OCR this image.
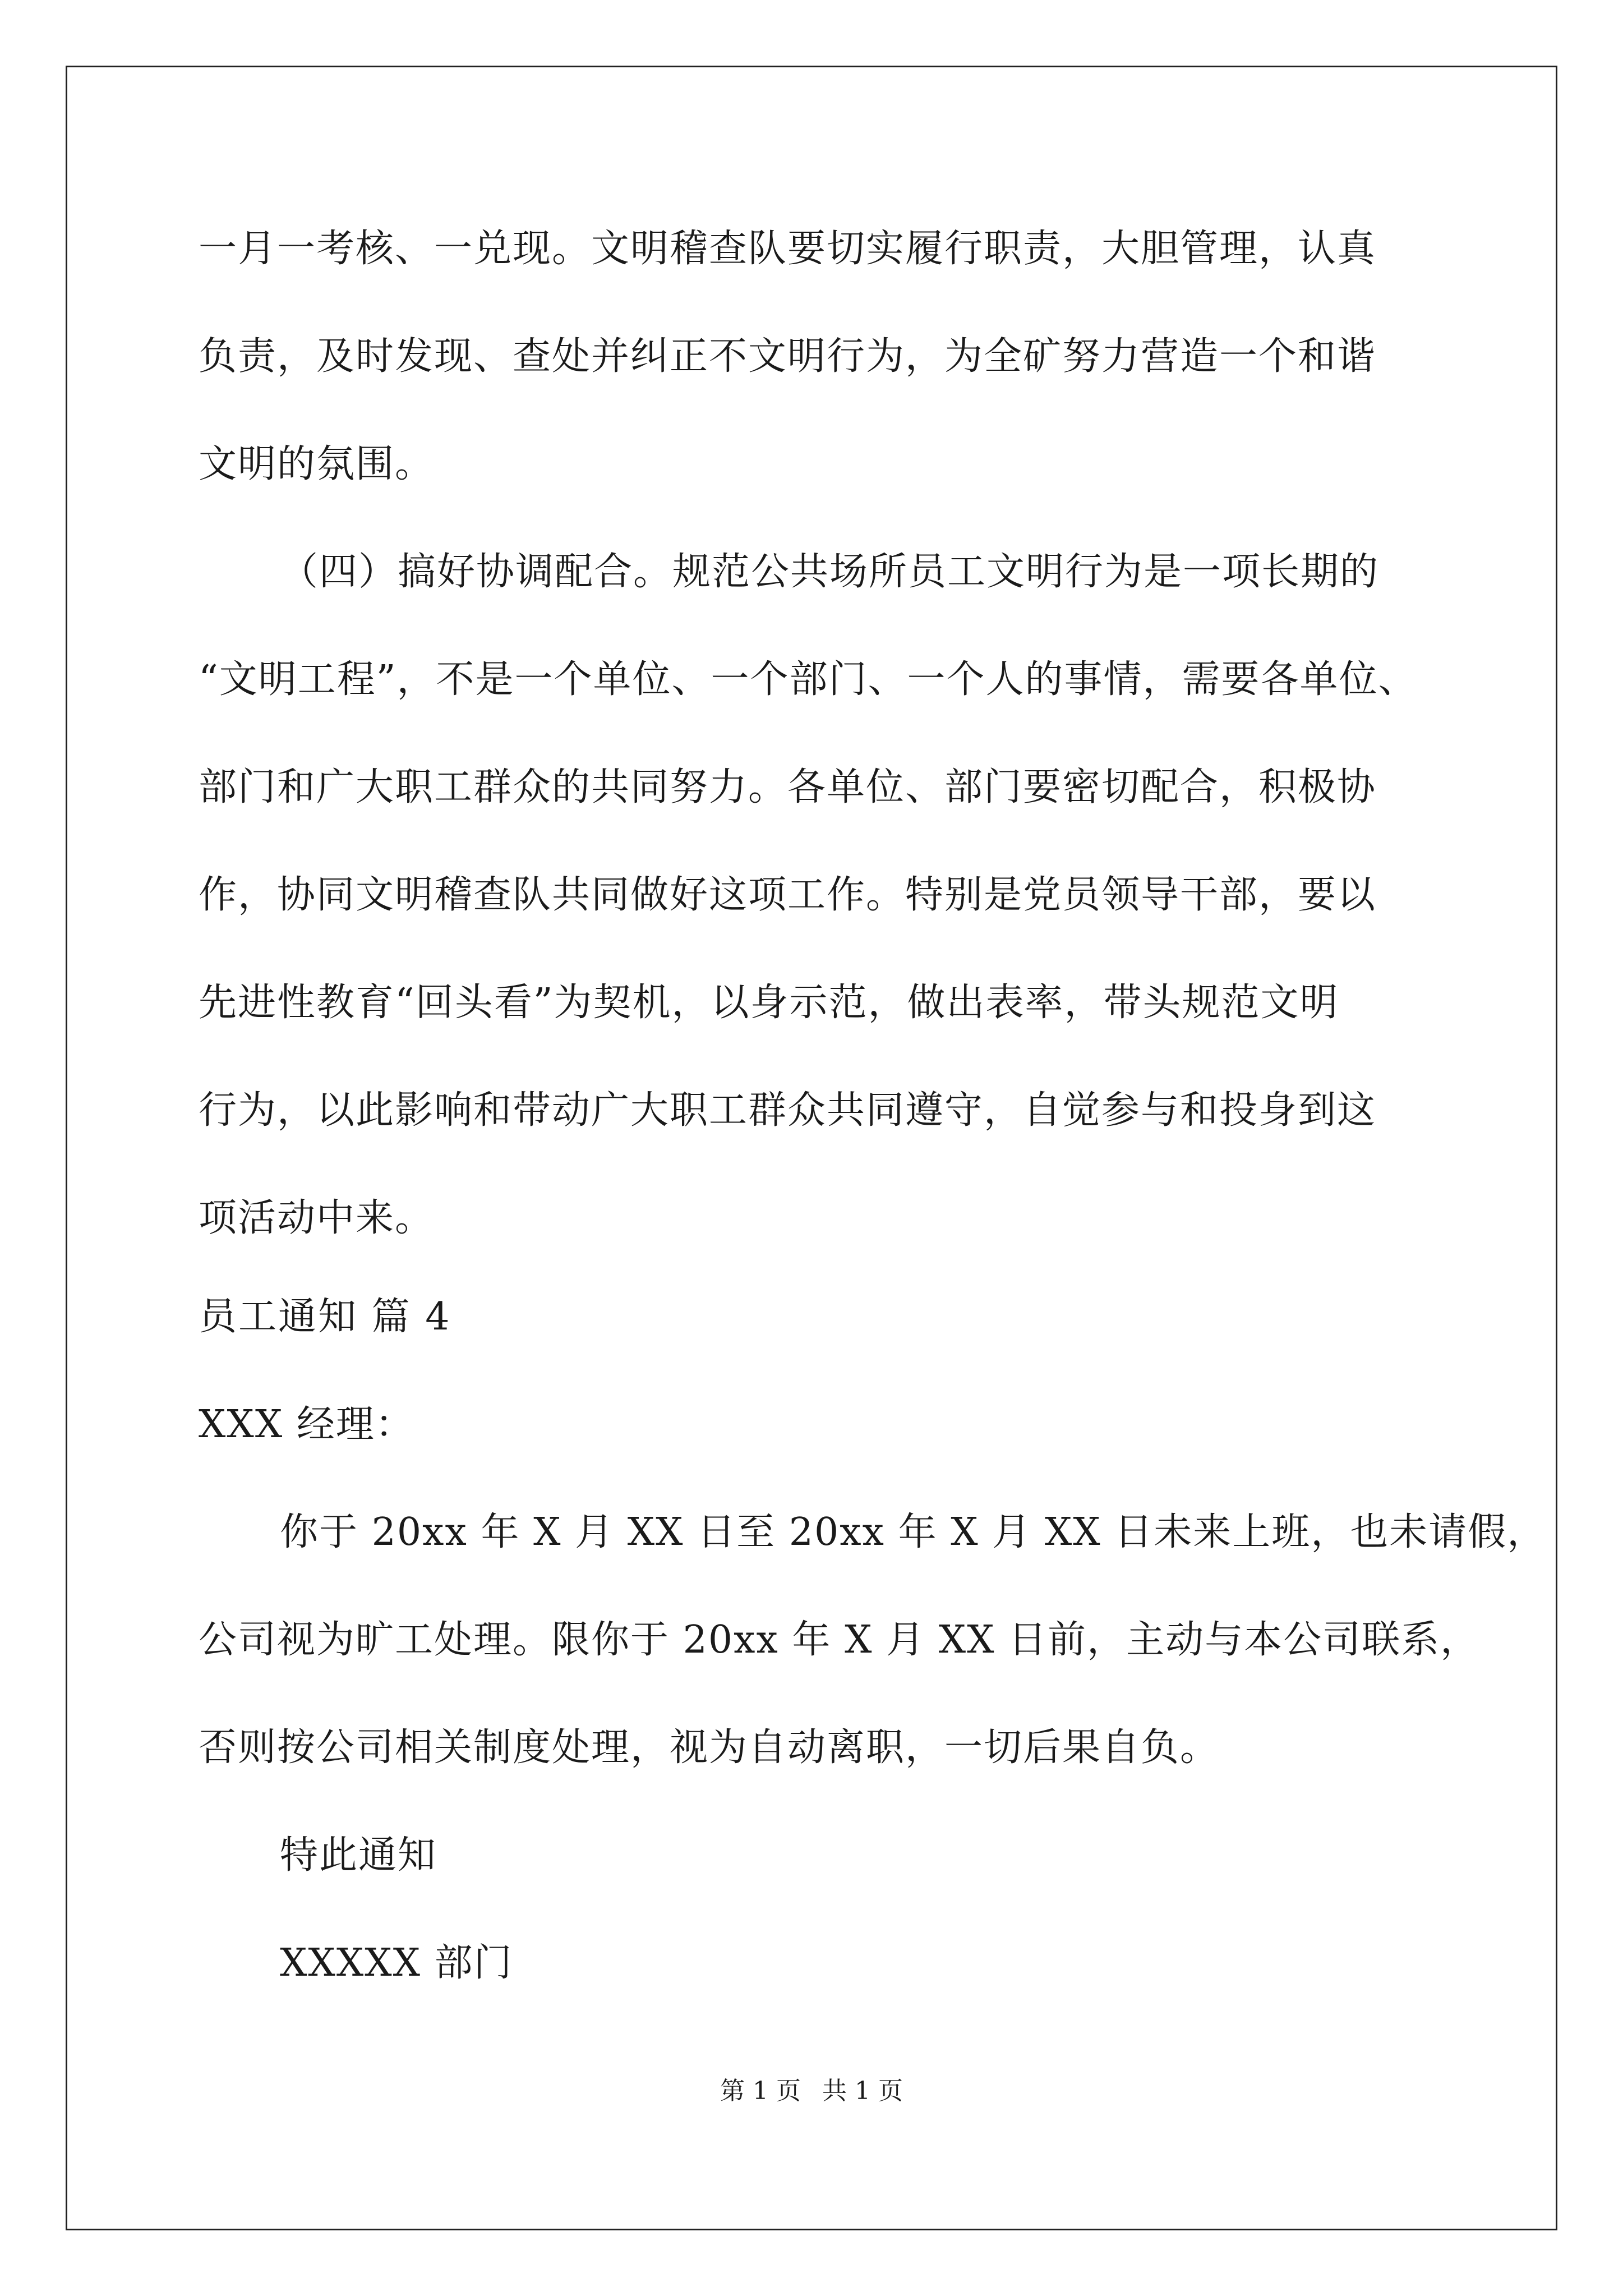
一月一考核、一兑现。文明稽查队要切实履行职责，大胆管理，认真
负责，及时发现、查处并纠正不文明行为，为全矿努力营造一个和谐
文明的氛围。
（四）搞好协调配合。规范公共场所员工文明行为是一项长期的
“文明工程”，不是一个单位、一个部门、一个人的事情，需要各单位、
部门和广大职工群众的共同努力。各单位、部门要密切配合，积极协
作，协同文明稽查队共同做好这项工作。特别是党员领导干部，要以
先进性教育“回头看”为契机，以身示范，做出表率，带头规范文明
行为，以此影响和带动广大职工群众共同遵守，自觉参与和投身到这
项活动中来。
员工通知 篇 4
XXX 经理：
你于 20xx 年 X 月 XX 日至 20xx 年 X 月 XX 日未来上班，也未请假，
公司视为旷工处理。限你于 20xx 年 X 月 XX 日前，主动与本公司联系，
否则按公司相关制度处理，视为自动离职，一切后果自负。
特此通知
XXXXX 部门
第 1 页 共 1 页
